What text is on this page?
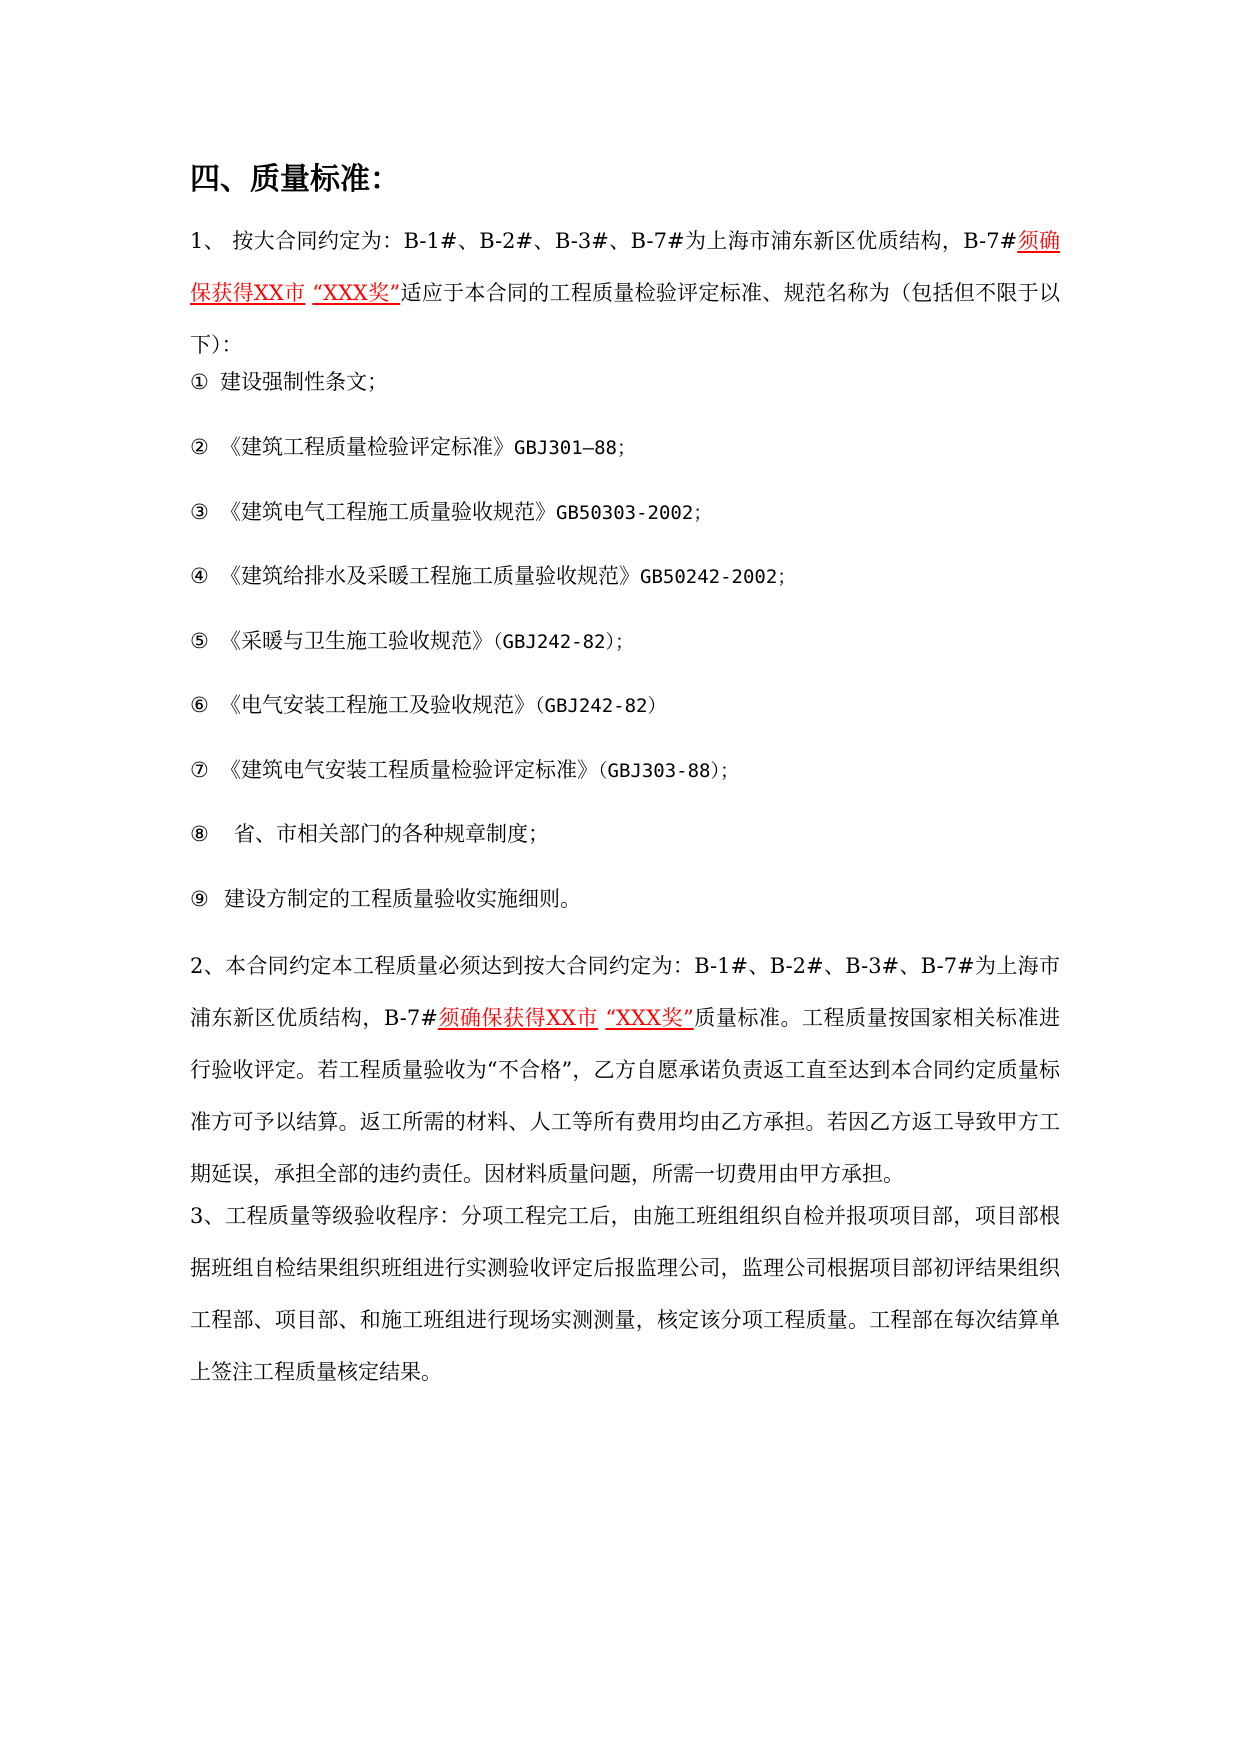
四、质量标准：

1、 按大合同约定为：B-1#、B-2#、B-3#、B-7#为上海市浦东新区优质结构，B-7#须确保获得XX市 “XXX奖”适应于本合同的工程质量检验评定标准、规范名称为（包括但不限于以下）：

① 建设强制性条文；

② 《建筑工程质量检验评定标准》GBJ301—88；

③ 《建筑电气工程施工质量验收规范》GB50303-2002；

④ 《建筑给排水及采暖工程施工质量验收规范》GB50242-2002；

⑤ 《采暖与卫生施工验收规范》（GBJ242-82）；

⑥ 《电气安装工程施工及验收规范》（GBJ242-82）

⑦ 《建筑电气安装工程质量检验评定标准》（GBJ303-88）；

⑧ 省、市相关部门的各种规章制度；

⑨ 建设方制定的工程质量验收实施细则。

2、本合同约定本工程质量必须达到按大合同约定为：B-1#、B-2#、B-3#、B-7#为上海市浦东新区优质结构，B-7#须确保获得XX市 “XXX奖”质量标准。工程质量按国家相关标准进行验收评定。若工程质量验收为“不合格”，乙方自愿承诺负责返工直至达到本合同约定质量标准方可予以结算。返工所需的材料、人工等所有费用均由乙方承担。若因乙方返工导致甲方工期延误，承担全部的违约责任。因材料质量问题，所需一切费用由甲方承担。

3、工程质量等级验收程序：分项工程完工后，由施工班组组织自检并报项项目部，项目部根据班组自检结果组织班组进行实测验收评定后报监理公司，监理公司根据项目部初评结果组织工程部、项目部、和施工班组进行现场实测测量，核定该分项工程质量。工程部在每次结算单上签注工程质量核定结果。
